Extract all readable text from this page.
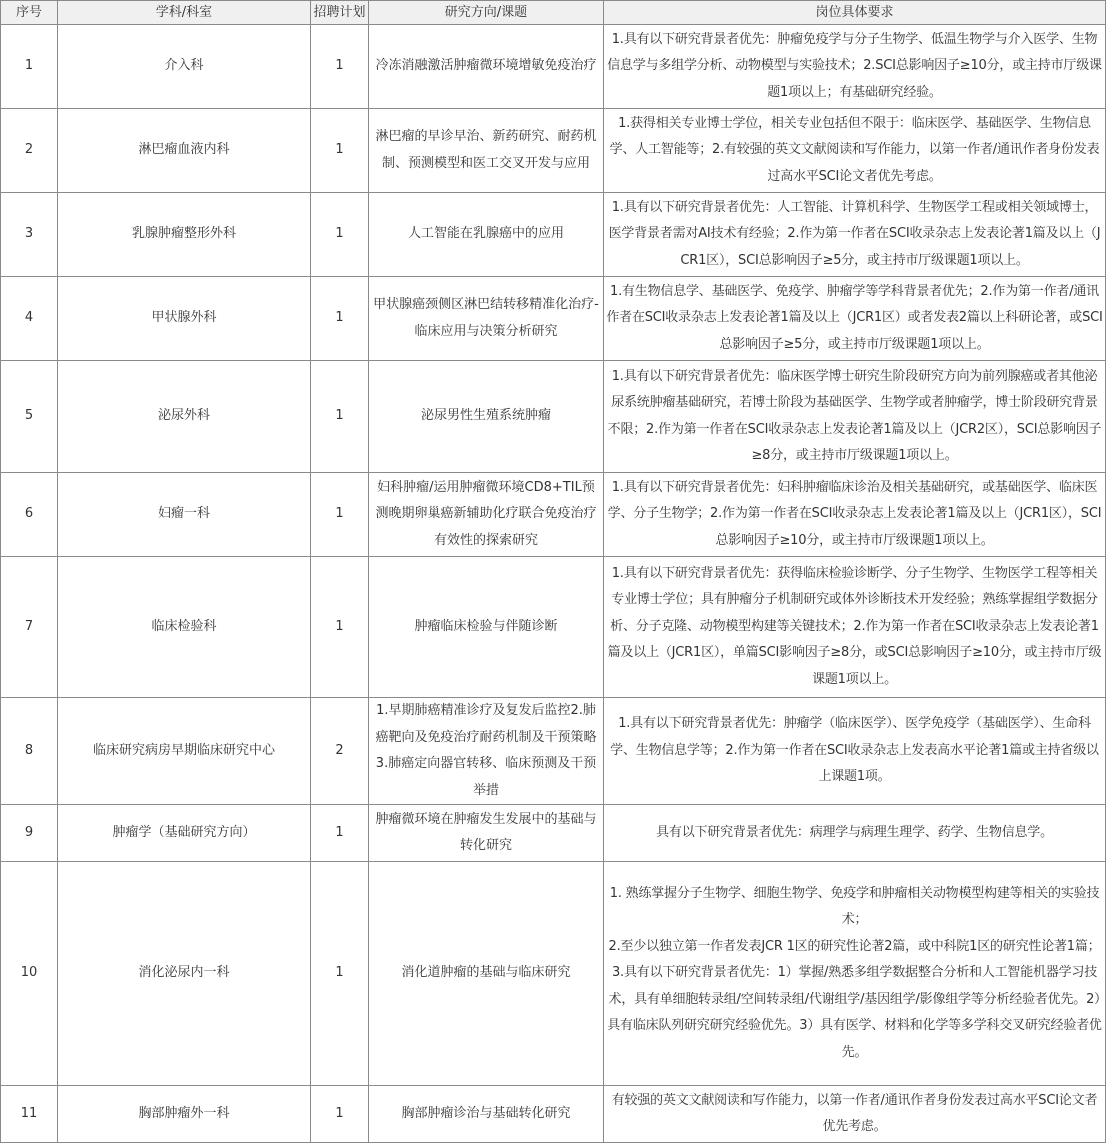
序号	学科/科室	招聘计划	研究方向/课题	岗位具体要求
1	介入科	1	冷冻消融激活肿瘤微环境增敏免疫治疗	1.具有以下研究背景者优先：肿瘤免疫学与分子生物学、低温生物学与介入医学、生物信息学与多组学分析、动物模型与实验技术；2.SCI总影响因子≥10分，或主持市厅级课题1项以上；有基础研究经验。
2	淋巴瘤血液内科	1	淋巴瘤的早诊早治、新药研究、耐药机制、预测模型和医工交叉开发与应用	1.获得相关专业博士学位，相关专业包括但不限于：临床医学、基础医学、生物信息学、人工智能等；2.有较强的英文文献阅读和写作能力，以第一作者/通讯作者身份发表过高水平SCI论文者优先考虑。
3	乳腺肿瘤整形外科	1	人工智能在乳腺癌中的应用	1.具有以下研究背景者优先：人工智能、计算机科学、生物医学工程或相关领域博士，医学背景者需对AI技术有经验；2.作为第一作者在SCI收录杂志上发表论著1篇及以上（JCR1区），SCI总影响因子≥5分，或主持市厅级课题1项以上。
4	甲状腺外科	1	甲状腺癌颈侧区淋巴结转移精准化治疗-临床应用与决策分析研究	1.有生物信息学、基础医学、免疫学、肿瘤学等学科背景者优先；2.作为第一作者/通讯作者在SCI收录杂志上发表论著1篇及以上（JCR1区）或者发表2篇以上科研论著，或SCI总影响因子≥5分，或主持市厅级课题1项以上。
5	泌尿外科	1	泌尿男性生殖系统肿瘤	1.具有以下研究背景者优先：临床医学博士研究生阶段研究方向为前列腺癌或者其他泌尿系统肿瘤基础研究，若博士阶段为基础医学、生物学或者肿瘤学，博士阶段研究背景不限；2.作为第一作者在SCI收录杂志上发表论著1篇及以上（JCR2区），SCI总影响因子≥8分，或主持市厅级课题1项以上。
6	妇瘤一科	1	妇科肿瘤/运用肿瘤微环境CD8+TIL预测晚期卵巢癌新辅助化疗联合免疫治疗有效性的探索研究	1.具有以下研究背景者优先：妇科肿瘤临床诊治及相关基础研究，或基础医学、临床医学、分子生物学；2.作为第一作者在SCI收录杂志上发表论著1篇及以上（JCR1区），SCI总影响因子≥10分，或主持市厅级课题1项以上。
7	临床检验科	1	肿瘤临床检验与伴随诊断	1.具有以下研究背景者优先：获得临床检验诊断学、分子生物学、生物医学工程等相关专业博士学位；具有肿瘤分子机制研究或体外诊断技术开发经验；熟练掌握组学数据分析、分子克隆、动物模型构建等关键技术；2.作为第一作者在SCI收录杂志上发表论著1篇及以上（JCR1区），单篇SCI影响因子≥8分，或SCI总影响因子≥10分，或主持市厅级课题1项以上。
8	临床研究病房早期临床研究中心	2	1.早期肺癌精准诊疗及复发后监控2.肺癌靶向及免疫治疗耐药机制及干预策略3.肺癌定向器官转移、临床预测及干预举措	1.具有以下研究背景者优先：肿瘤学（临床医学）、医学免疫学（基础医学）、生命科学、生物信息学等；2.作为第一作者在SCI收录杂志上发表高水平论著1篇或主持省级以上课题1项。
9	肿瘤学（基础研究方向）	1	肿瘤微环境在肿瘤发生发展中的基础与转化研究	具有以下研究背景者优先：病理学与病理生理学、药学、生物信息学。
10	消化泌尿内一科	1	消化道肿瘤的基础与临床研究	1. 熟练掌握分子生物学、细胞生物学、免疫学和肿瘤相关动物模型构建等相关的实验技术；
2.至少以独立第一作者发表JCR 1区的研究性论著2篇，或中科院1区的研究性论著1篇；
3.具有以下研究背景者优先：1）掌握/熟悉多组学数据整合分析和人工智能机器学习技术，具有单细胞转录组/空间转录组/代谢组学/基因组学/影像组学等分析经验者优先。2）具有临床队列研究研究经验优先。3）具有医学、材料和化学等多学科交叉研究经验者优先。

11	胸部肿瘤外一科	1	胸部肿瘤诊治与基础转化研究	有较强的英文文献阅读和写作能力，以第一作者/通讯作者身份发表过高水平SCI论文者优先考虑。
